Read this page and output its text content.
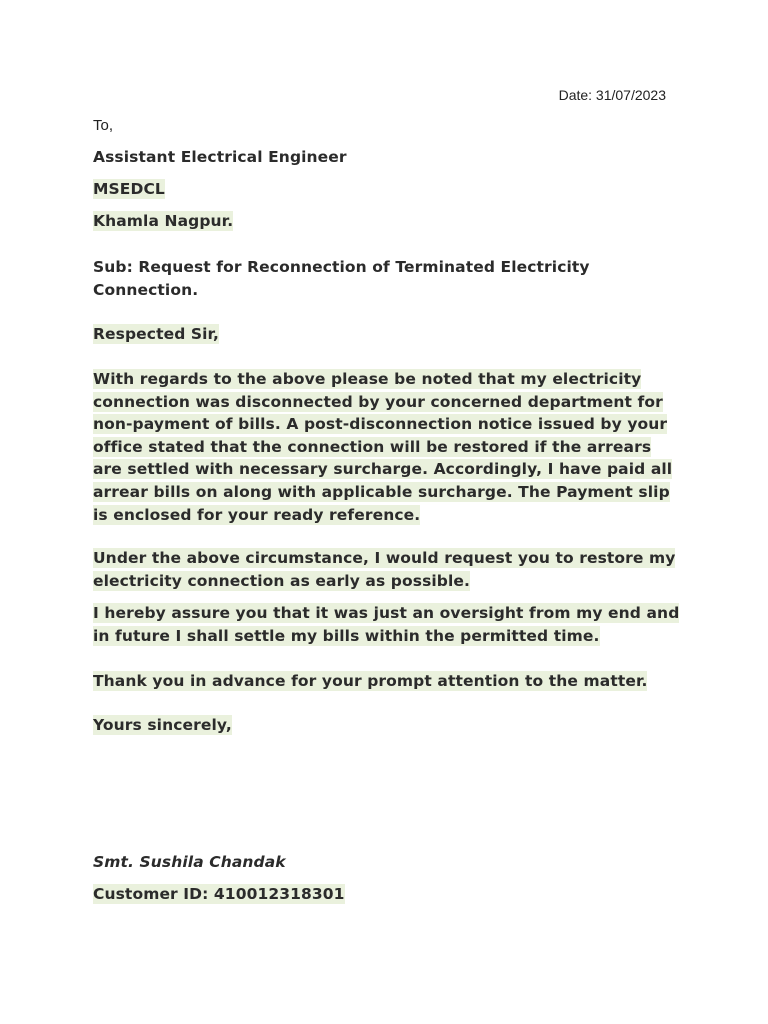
Date: 31/07/2023
To,
Assistant Electrical Engineer
MSEDCL
Khamla Nagpur.
Sub: Request for Reconnection of Terminated Electricity Connection.
Respected Sir,
With regards to the above please be noted that my electricity connection was disconnected by your concerned department for non-payment of bills. A post-disconnection notice issued by your office stated that the connection will be restored if the arrears are settled with necessary surcharge. Accordingly, I have paid all arrear bills on along with applicable surcharge. The Payment slip is enclosed for your ready reference.
Under the above circumstance, I would request you to restore my electricity connection as early as possible.
I hereby assure you that it was just an oversight from my end and in future I shall settle my bills within the permitted time.
Thank you in advance for your prompt attention to the matter.
Yours sincerely,
Smt. Sushila Chandak
Customer ID: 410012318301
